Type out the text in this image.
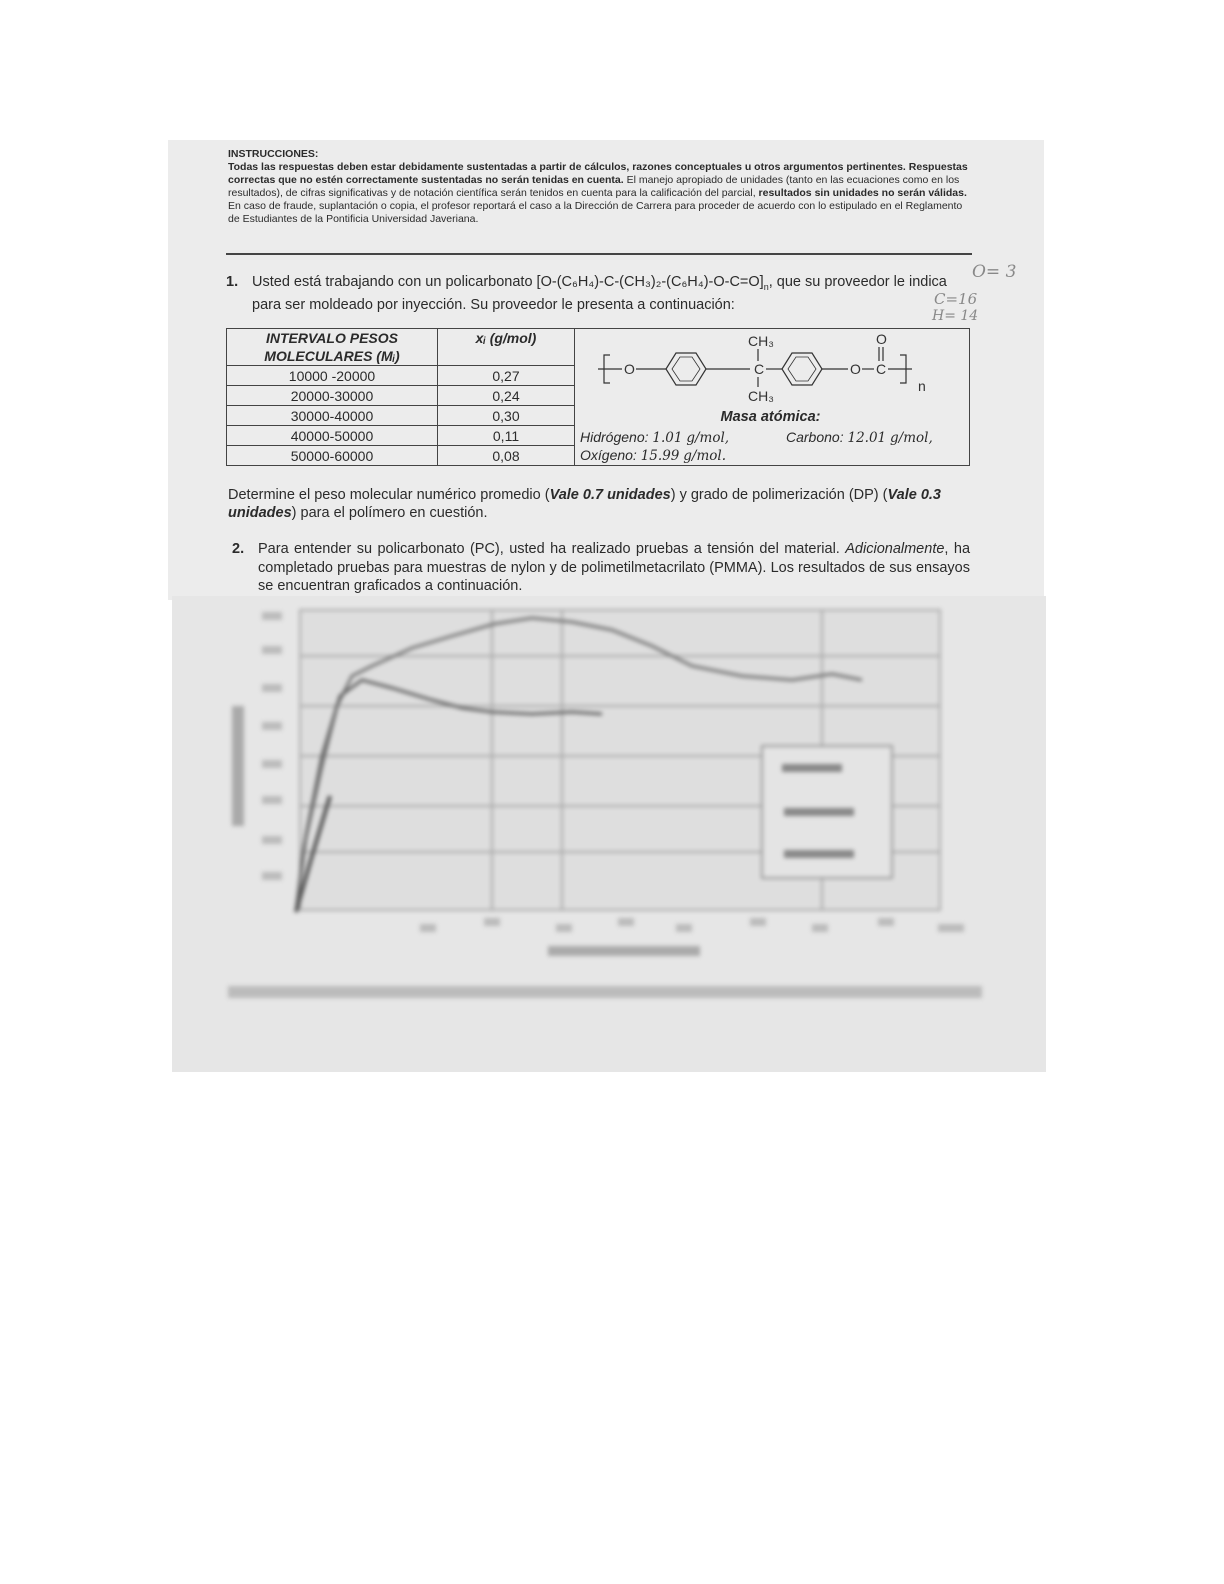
INSTRUCCIONES:
Todas las respuestas deben estar debidamente sustentadas a partir de cálculos, razones conceptuales u otros argumentos pertinentes. Respuestas correctas que no estén correctamente sustentadas no serán tenidas en cuenta. El manejo apropiado de unidades (tanto en las ecuaciones como en los resultados), de cifras significativas y de notación científica serán tenidos en cuenta para la calificación del parcial, resultados sin unidades no serán válidas. En caso de fraude, suplantación o copia, el profesor reportará el caso a la Dirección de Carrera para proceder de acuerdo con lo estipulado en el Reglamento de Estudiantes de la Pontificia Universidad Javeriana.
1. Usted está trabajando con un policarbonato $[O-(C_6H_4)-C-(CH_3)_2-(C_6H_4)-O-C=O]_n$, que su proveedor le indica para ser moldeado por inyección. Su proveedor le presenta a continuación:
O= 3
C=16
H= 14
INTERVALO PESOS MOLECULARES (Mᵢ)	xᵢ (g/mol)
10000 -20000	0,27
20000-30000	0,24
30000-40000	0,30
40000-50000	0,11
50000-60000	0,08
O	C
CH₃
CH₃
O C
O
n
Masa atómica:
Hidrógeno: 1.01 g/mol,	Carbono: 12.01 g/mol,
Oxígeno: 15.99 g/mol.
Determine el peso molecular numérico promedio (Vale 0.7 unidades) y grado de polimerización (DP) (Vale 0.3 unidades) para el polímero en cuestión.
2. Para entender su policarbonato (PC), usted ha realizado pruebas a tensión del material. Adicionalmente, ha completado pruebas para muestras de nylon y de polimetilmetacrilato (PMMA). Los resultados de sus ensayos se encuentran graficados a continuación.
